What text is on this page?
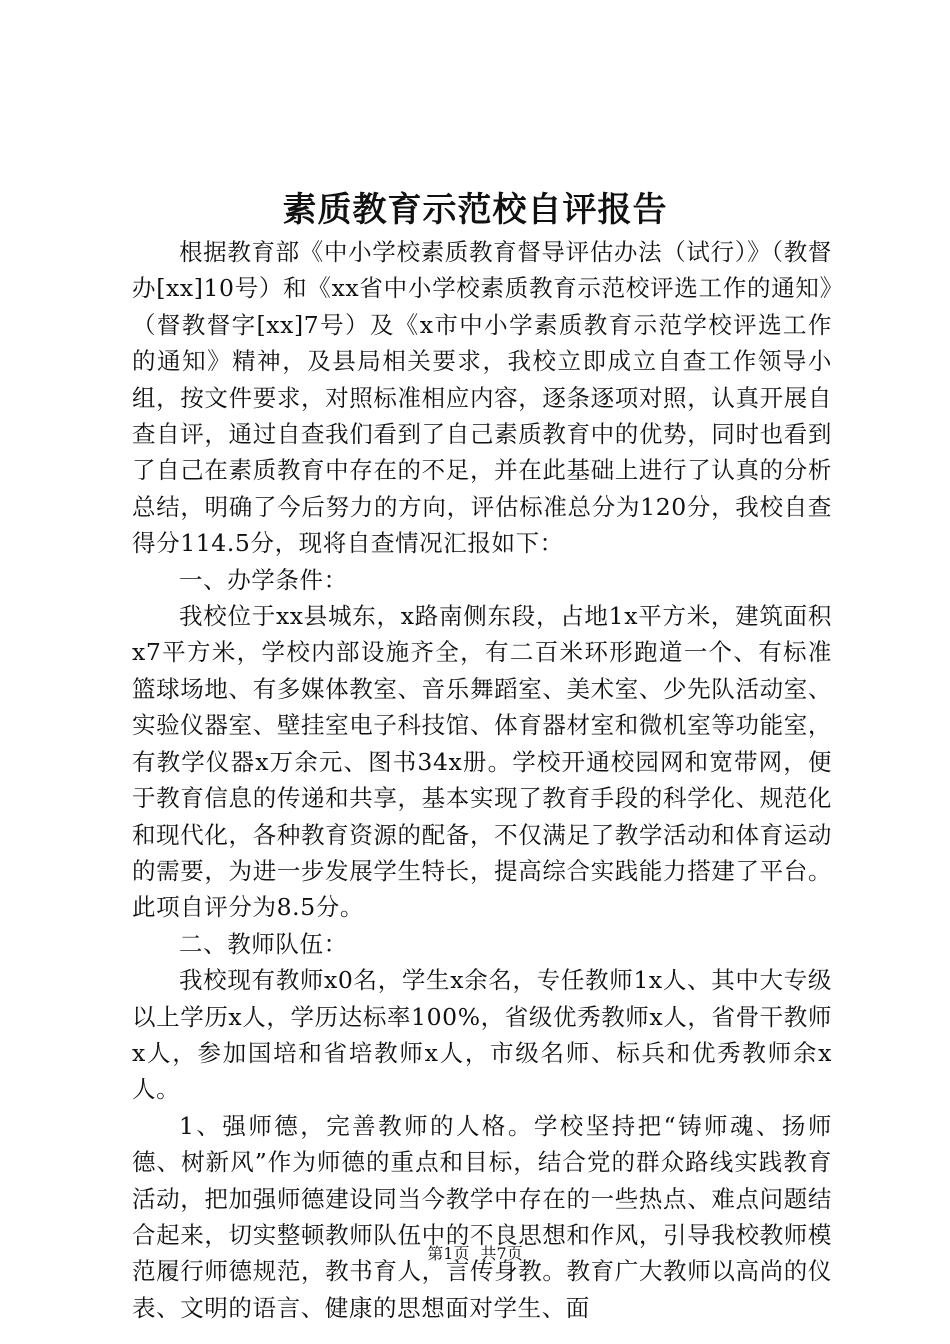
素质教育示范校自评报告

根据教育部《中小学校素质教育督导评估办法（试行）》（教督办[xx]10号）和《xx省中小学校素质教育示范校评选工作的通知》（督教督字[xx]7号）及《x市中小学素质教育示范学校评选工作的通知》精神，及县局相关要求，我校立即成立自查工作领导小组，按文件要求，对照标准相应内容，逐条逐项对照，认真开展自查自评，通过自查我们看到了自己素质教育中的优势，同时也看到了自己在素质教育中存在的不足，并在此基础上进行了认真的分析总结，明确了今后努力的方向，评估标准总分为120分，我校自查得分114.5分，现将自查情况汇报如下：

一、办学条件：

我校位于xx县城东，x路南侧东段，占地1x平方米，建筑面积x7平方米，学校内部设施齐全，有二百米环形跑道一个、有标准篮球场地、有多媒体教室、音乐舞蹈室、美术室、少先队活动室、实验仪器室、壁挂室电子科技馆、体育器材室和微机室等功能室，有教学仪器x万余元、图书34x册。学校开通校园网和宽带网，便于教育信息的传递和共享，基本实现了教育手段的科学化、规范化和现代化，各种教育资源的配备，不仅满足了教学活动和体育运动的需要，为进一步发展学生特长，提高综合实践能力搭建了平台。此项自评分为8.5分。

二、教师队伍：

我校现有教师x0名，学生x余名，专任教师1x人、其中大专级以上学历x人，学历达标率100%，省级优秀教师x人，省骨干教师x人，参加国培和省培教师x人，市级名师、标兵和优秀教师余x人。

1、强师德，完善教师的人格。学校坚持把“铸师魂、扬师德、树新风”作为师德的重点和目标，结合党的群众路线实践教育活动，把加强师德建设同当今教学中存在的一些热点、难点问题结合起来，切实整顿教师队伍中的不良思想和作风，引导我校教师模范履行师德规范，教书育人，言传身教。教育广大教师以高尚的仪表、文明的语言、健康的思想面对学生、面

第1页 共7页
